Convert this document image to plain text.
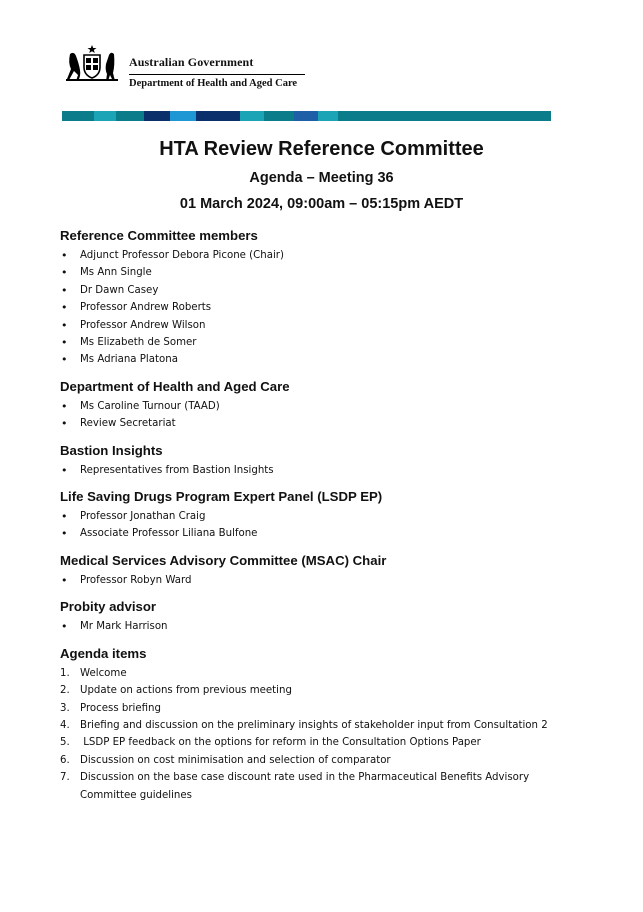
Australian Government
Department of Health and Aged Care
HTA Review Reference Committee
Agenda – Meeting 36
01 March 2024, 09:00am – 05:15pm AEDT
Reference Committee members
• Adjunct Professor Debora Picone (Chair)
• Ms Ann Single
• Dr Dawn Casey
• Professor Andrew Roberts
• Professor Andrew Wilson
• Ms Elizabeth de Somer
• Ms Adriana Platona
Department of Health and Aged Care
• Ms Caroline Turnour (TAAD)
• Review Secretariat
Bastion Insights
• Representatives from Bastion Insights
Life Saving Drugs Program Expert Panel (LSDP EP)
• Professor Jonathan Craig
• Associate Professor Liliana Bulfone
Medical Services Advisory Committee (MSAC) Chair
• Professor Robyn Ward
Probity advisor
• Mr Mark Harrison
Agenda items
1. Welcome
2. Update on actions from previous meeting
3. Process briefing
4. Briefing and discussion on the preliminary insights of stakeholder input from Consultation 2
5. LSDP EP feedback on the options for reform in the Consultation Options Paper
6. Discussion on cost minimisation and selection of comparator
7. Discussion on the base case discount rate used in the Pharmaceutical Benefits Advisory Committee guidelines
